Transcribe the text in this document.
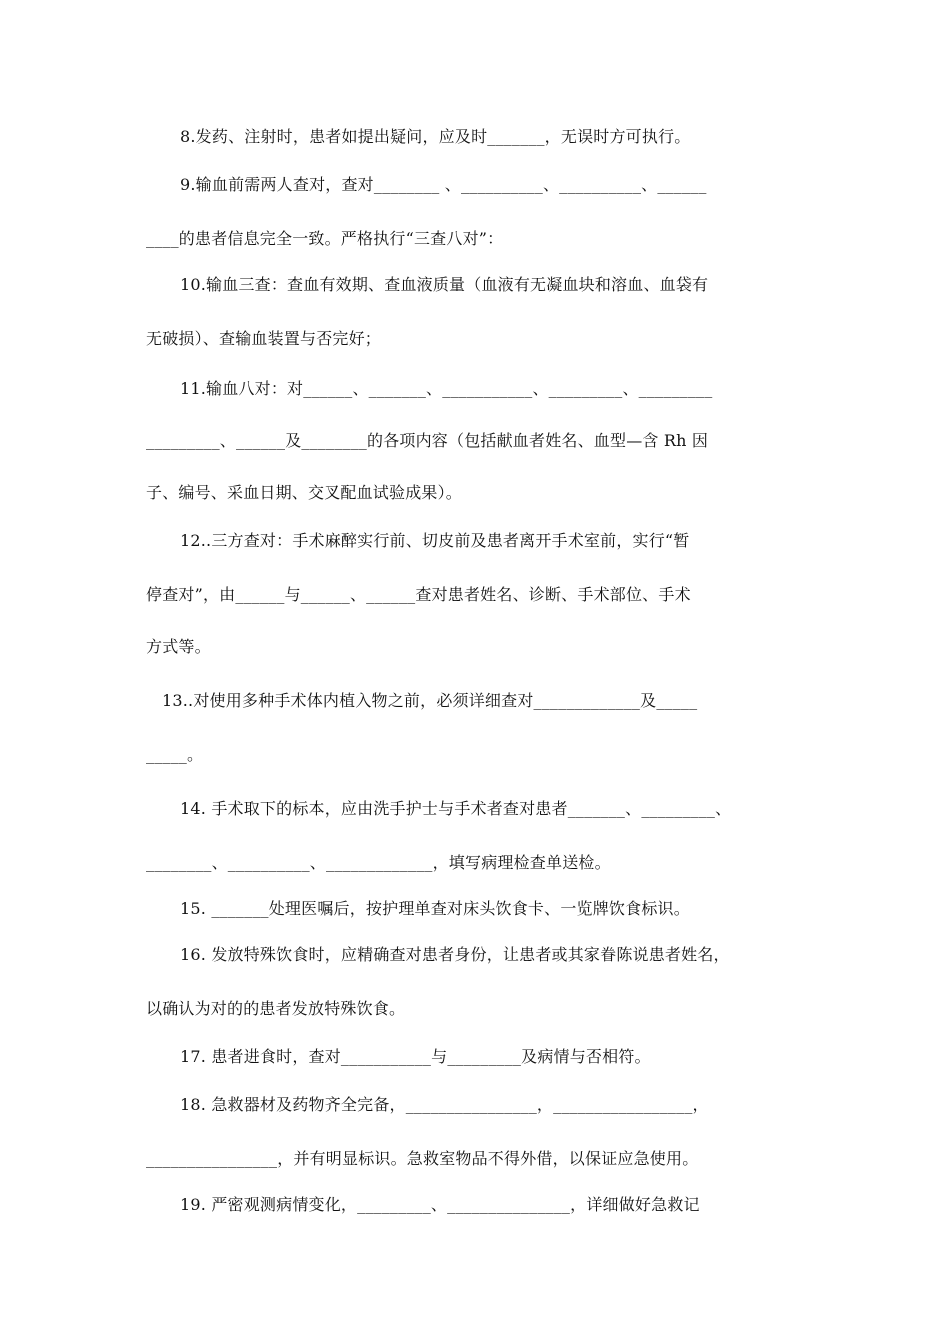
8.发药、注射时，患者如提出疑问，应及时_______，无误时方可执行。
9.输血前需两人查对，查对________ 、__________、__________、______
____的患者信息完全一致。严格执行“三查八对”：
10.输血三查：查血有效期、查血液质量（血液有无凝血块和溶血、血袋有
无破损）、查输血装置与否完好；
11.输血八对：对______、_______、___________、_________、_________
_________、______及________的各项内容（包括献血者姓名、血型—含 Rh 因
子、编号、采血日期、交叉配血试验成果）。
12..三方查对：手术麻醉实行前、切皮前及患者离开手术室前，实行“暂
停查对”，由______与______、______查对患者姓名、诊断、手术部位、手术
方式等。
13..对使用多种手术体内植入物之前，必须详细查对_____________及_____
_____。
14. 手术取下的标本，应由洗手护士与手术者查对患者_______、_________、
________、__________、_____________，填写病理检查单送检。
15. _______处理医嘱后，按护理单查对床头饮食卡、一览牌饮食标识。
16. 发放特殊饮食时，应精确查对患者身份，让患者或其家眷陈说患者姓名，
以确认为对的的患者发放特殊饮食。
17. 患者进食时，查对___________与_________及病情与否相符。
18. 急救器材及药物齐全完备，________________，_________________，
________________，并有明显标识。急救室物品不得外借，以保证应急使用。
19. 严密观测病情变化，_________、_______________，详细做好急救记
